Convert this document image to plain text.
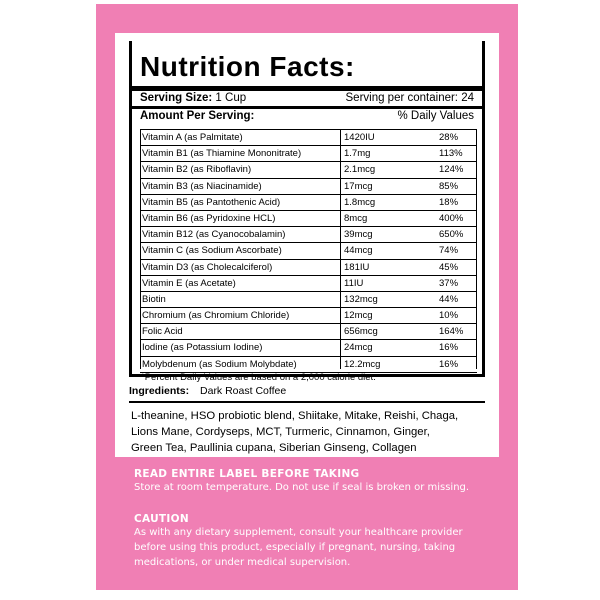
Nutrition Facts:
Serving Size: 1 Cup	Serving per container: 24
Amount Per Serving:	% Daily Values
Vitamin A (as Palmitate)	1420IU	28%
Vitamin B1 (as Thiamine Mononitrate)	1.7mg	113%
Vitamin B2 (as Riboflavin)	2.1mcg	124%
Vitamin B3 (as Niacinamide)	17mcg	85%
Vitamin B5 (as Pantothenic Acid)	1.8mcg	18%
Vitamin B6 (as Pyridoxine HCL)	8mcg	400%
Vitamin B12 (as Cyanocobalamin)	39mcg	650%
Vitamin C (as Sodium Ascorbate)	44mcg	74%
Vitamin D3 (as Cholecalciferol)	181IU	45%
Vitamin E (as Acetate)	11IU	37%
Biotin	132mcg	44%
Chromium (as Chromium Chloride)	12mcg	10%
Folic Acid	656mcg	164%
Iodine (as Potassium Iodine)	24mcg	16%
Molybdenum (as Sodium Molybdate)	12.2mcg	16%
*Percent Daily Values are based on a 2,000 calorie diet.
Ingredients: Dark Roast Coffee
L-theanine, HSO probiotic blend, Shiitake, Mitake, Reishi, Chaga,
Lions Mane, Cordyseps, MCT, Turmeric, Cinnamon, Ginger,
Green Tea, Paullinia cupana, Siberian Ginseng, Collagen
READ ENTIRE LABEL BEFORE TAKING
Store at room temperature. Do not use if seal is broken or missing.
CAUTION
As with any dietary supplement, consult your healthcare provider
before using this product, especially if pregnant, nursing, taking
medications, or under medical supervision.
